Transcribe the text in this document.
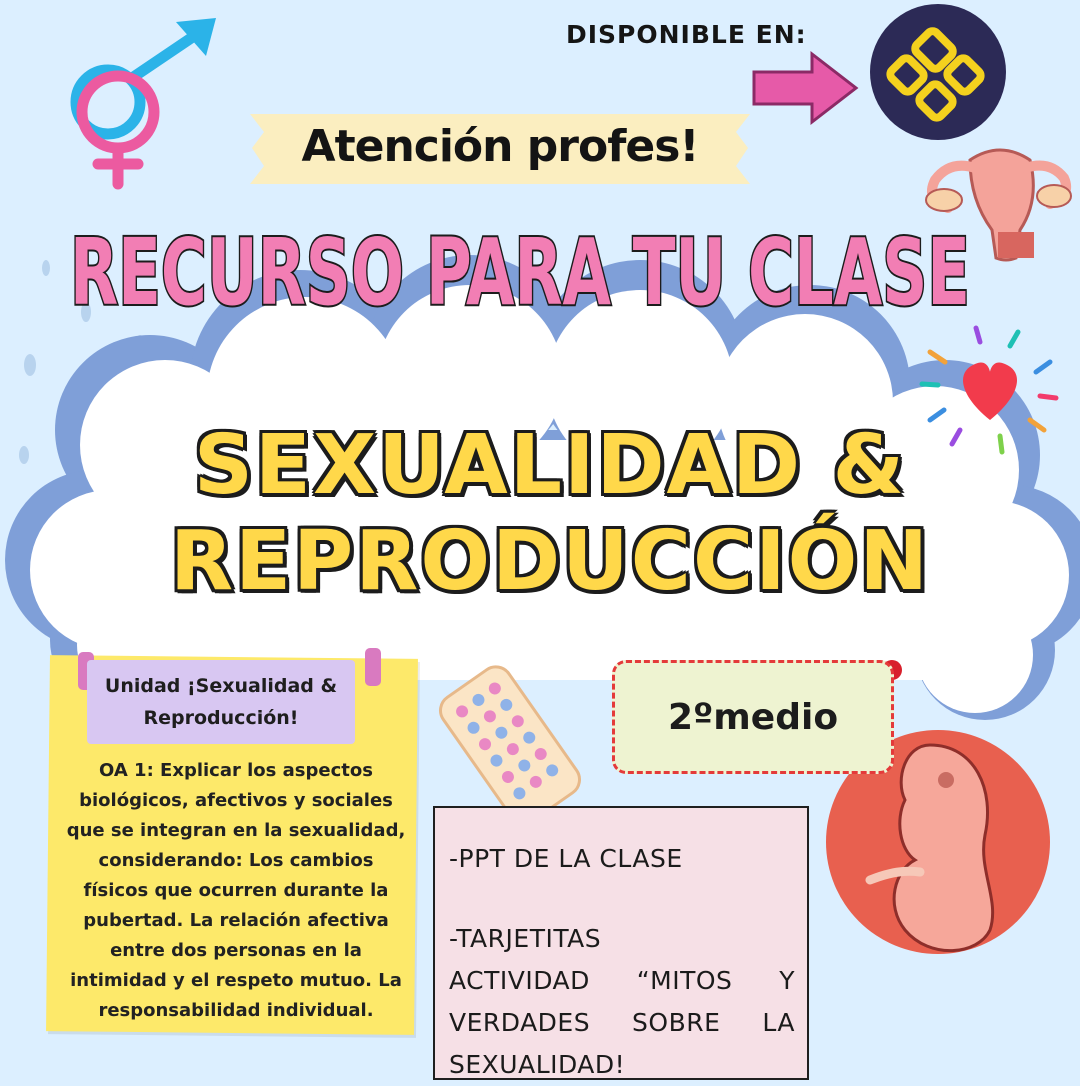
DISPONIBLE EN:
Atención profes!
RECURSO PARA TU CLASE
SEXUALIDAD &
REPRODUCCIÓN
Unidad ¡Sexualidad &
Reproducción!
OA 1: Explicar los aspectos
biológicos, afectivos y sociales
que se integran en la sexualidad,
considerando: Los cambios
físicos que ocurren durante la
pubertad. La relación afectiva
entre dos personas en la
intimidad y el respeto mutuo. La
responsabilidad individual.
2ºmedio
-PPT DE LA CLASE
-TARJETITAS
ACTIVIDAD “MITOS Y
VERDADES SOBRE LA
SEXUALIDAD!
